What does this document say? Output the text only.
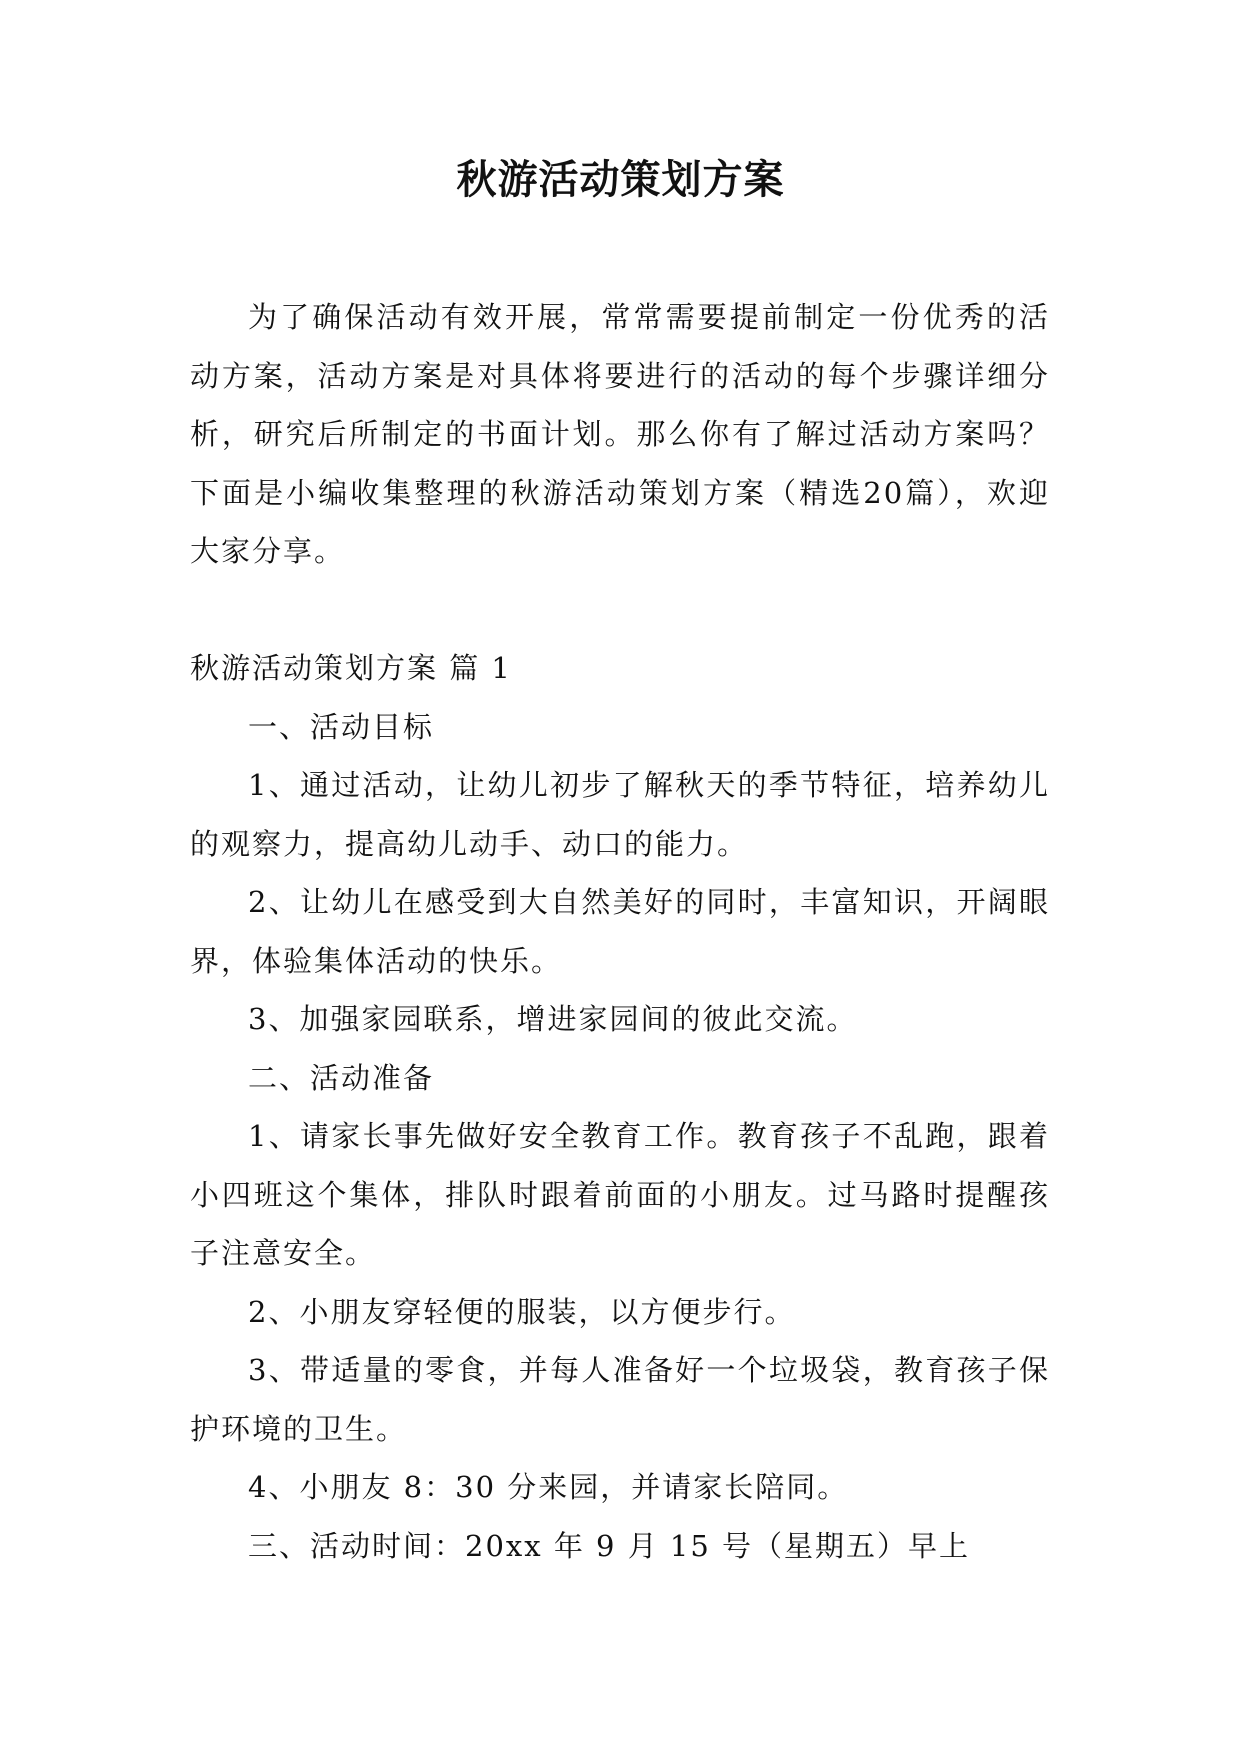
秋游活动策划方案

为了确保活动有效开展，常常需要提前制定一份优秀的活动方案，活动方案是对具体将要进行的活动的每个步骤详细分析，研究后所制定的书面计划。那么你有了解过活动方案吗？下面是小编收集整理的秋游活动策划方案（精选20篇），欢迎大家分享。

秋游活动策划方案 篇 1

一、活动目标

1、通过活动，让幼儿初步了解秋天的季节特征，培养幼儿的观察力，提高幼儿动手、动口的能力。

2、让幼儿在感受到大自然美好的同时，丰富知识，开阔眼界，体验集体活动的快乐。

3、加强家园联系，增进家园间的彼此交流。

二、活动准备

1、请家长事先做好安全教育工作。教育孩子不乱跑，跟着小四班这个集体，排队时跟着前面的小朋友。过马路时提醒孩子注意安全。

2、小朋友穿轻便的服装，以方便步行。

3、带适量的零食，并每人准备好一个垃圾袋，教育孩子保护环境的卫生。

4、小朋友 8：30 分来园，并请家长陪同。

三、活动时间：20xx 年 9 月 15 号（星期五）早上
